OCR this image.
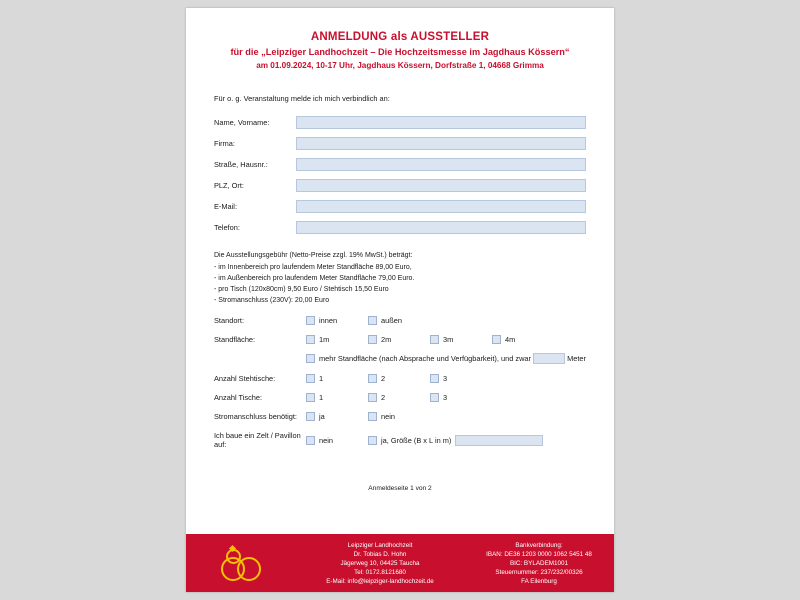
ANMELDUNG als AUSSTELLER
für die „Leipziger Landhochzeit – Die Hochzeitsmesse im Jagdhaus Kössern“
am 01.09.2024, 10-17 Uhr, Jagdhaus Kössern, Dorfstraße 1, 04668 Grimma
Für o. g. Veranstaltung melde ich mich verbindlich an:
Name, Vorname:
Firma:
Straße, Hausnr.:
PLZ, Ort:
E-Mail:
Telefon:
Die Ausstellungsgebühr (Netto-Preise zzgl. 19% MwSt.) beträgt:
- im Innenbereich pro laufendem Meter Standfläche 89,00 Euro,
- im Außenbereich pro laufendem Meter Standfläche 79,00 Euro.
- pro Tisch (120x80cm) 9,50 Euro / Stehtisch 15,50 Euro
- Stromanschluss (230V): 20,00 Euro
Standort:	innen	außen
Standfläche:	1m	2m	3m	4m
mehr Standfläche (nach Absprache und Verfügbarkeit), und zwar	Meter
Anzahl Stehtische:	1	2	3
Anzahl Tische:	1	2	3
Stromanschluss benötigt:	ja	nein
Ich baue ein Zelt / Pavillon auf:	nein	ja, Größe (B x L in m)
Anmeldeseite 1 von 2
Leipziger Landhochzeit
Dr. Tobias D. Hohn
Jägerweg 10, 04425 Taucha
Tel: 0172.8121680
E-Mail: info@leipziger-landhochzeit.de
Bankverbindung:
IBAN: DE36 1203 0000 1062 5451 48
BIC: BYLADEM1001
Steuernummer: 237/232/00326
FA Eilenburg
